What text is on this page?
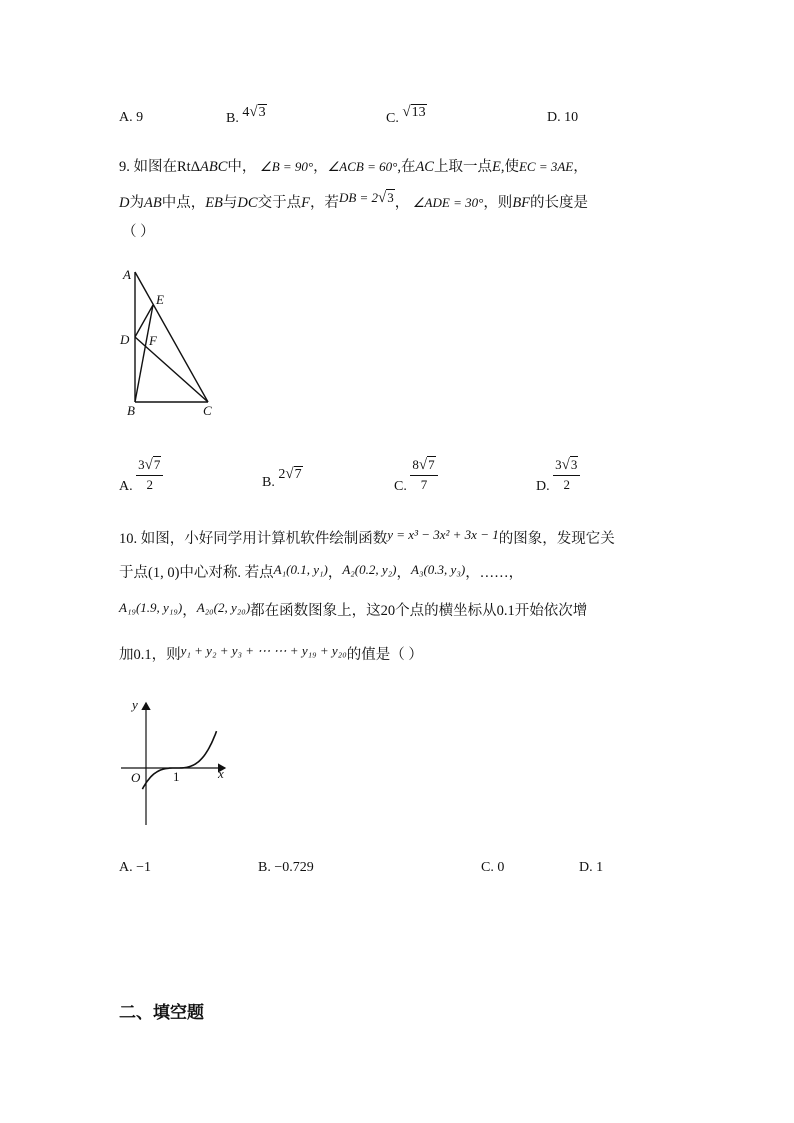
A. 9	B. 4√3	C. √13	D. 10
9. 如图在RtΔABC中， ∠B = 90°，∠ACB = 60°,在AC上取一点E,使EC = 3AE，
D为AB中点，EB与DC交于点F，若DB = 2√3， ∠ADE = 30°，则BF的长度是
（ ）
A
E
D F
B	C
A. $\frac{3√7}{2}$	B. 2√7
C. $\frac{8√7}{7}$	D. $\frac{3√3}{2}$
10. 如图，小好同学用计算机软件绘制函数y = x³ − 3x² + 3x − 1的图象，发现它关
于点(1, 0)中心对称. 若点A₁(0.1, y₁)，A₂(0.2, y₂)，A₃(0.3, y₃)，……，
A₁₉(1.9, y₁₉)，A₂₀(2, y₂₀)都在函数图象上，这20个点的横坐标从0.1开始依次增
加0.1，则y₁ + y₂ + y₃ + ⋯ ⋯ + y₁₉ + y₂₀的值是（ ）
y
x
O	1
A. −1	B. −0.729	C. 0	D. 1
二、填空题
